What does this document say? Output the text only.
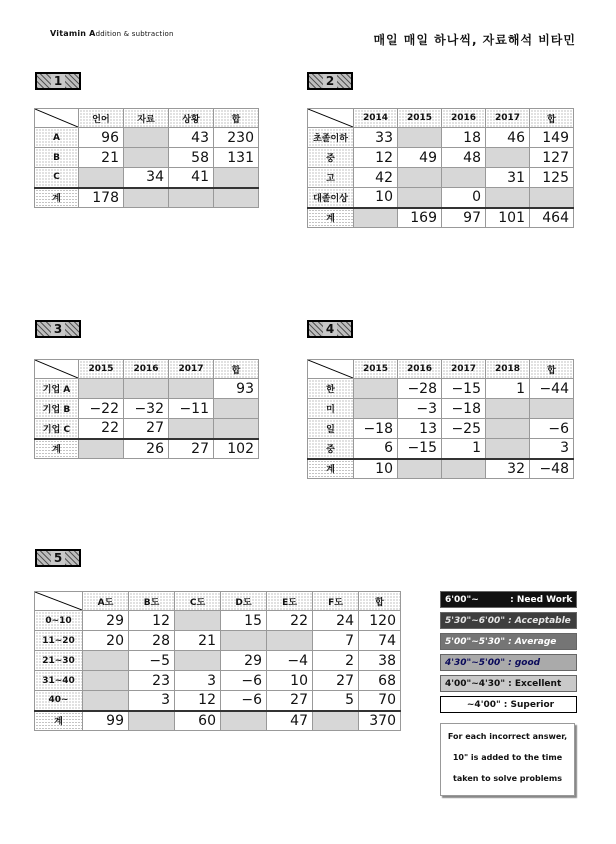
Vitamin Addition & subtraction	매일 매일 하나씩, 자료해석 비타민
1
	언어	자료	상황	합
A	96		43	230
B	21		58	131
C		34	41	
계	178			
2
	2014	2015	2016	2017	합
초졸이하	33		18	46	149
중	12	49	48		127
고	42			31	125
대졸이상	10		0		
계		169	97	101	464
3
	2015	2016	2017	합
기업 A				93
기업 B	−22	−32	−11	
기업 C	22	27		
계		26	27	102
4
	2015	2016	2017	2018	합
한		−28	−15	1	−44
미		−3	−18		
일	−18	13	−25		−6
중	6	−15	1		3
계	10			32	−48
5
	A도	B도	C도	D도	E도	F도	합
0~10	29	12		15	22	24	120
11~20	20	28	21			7	74
21~30		−5		29	−4	2	38
31~40		23	3	−6	10	27	68
40~		3	12	−6	27	5	70
계	99		60		47		370
6'00"~          : Need Work
5'30"~6'00" : Acceptable
5'00"~5'30" : Average
4'30"~5'00" : good
4'00"~4'30" : Excellent
~4'00" : Superior
For each incorrect answer,
10" is added to the time
taken to solve problems
